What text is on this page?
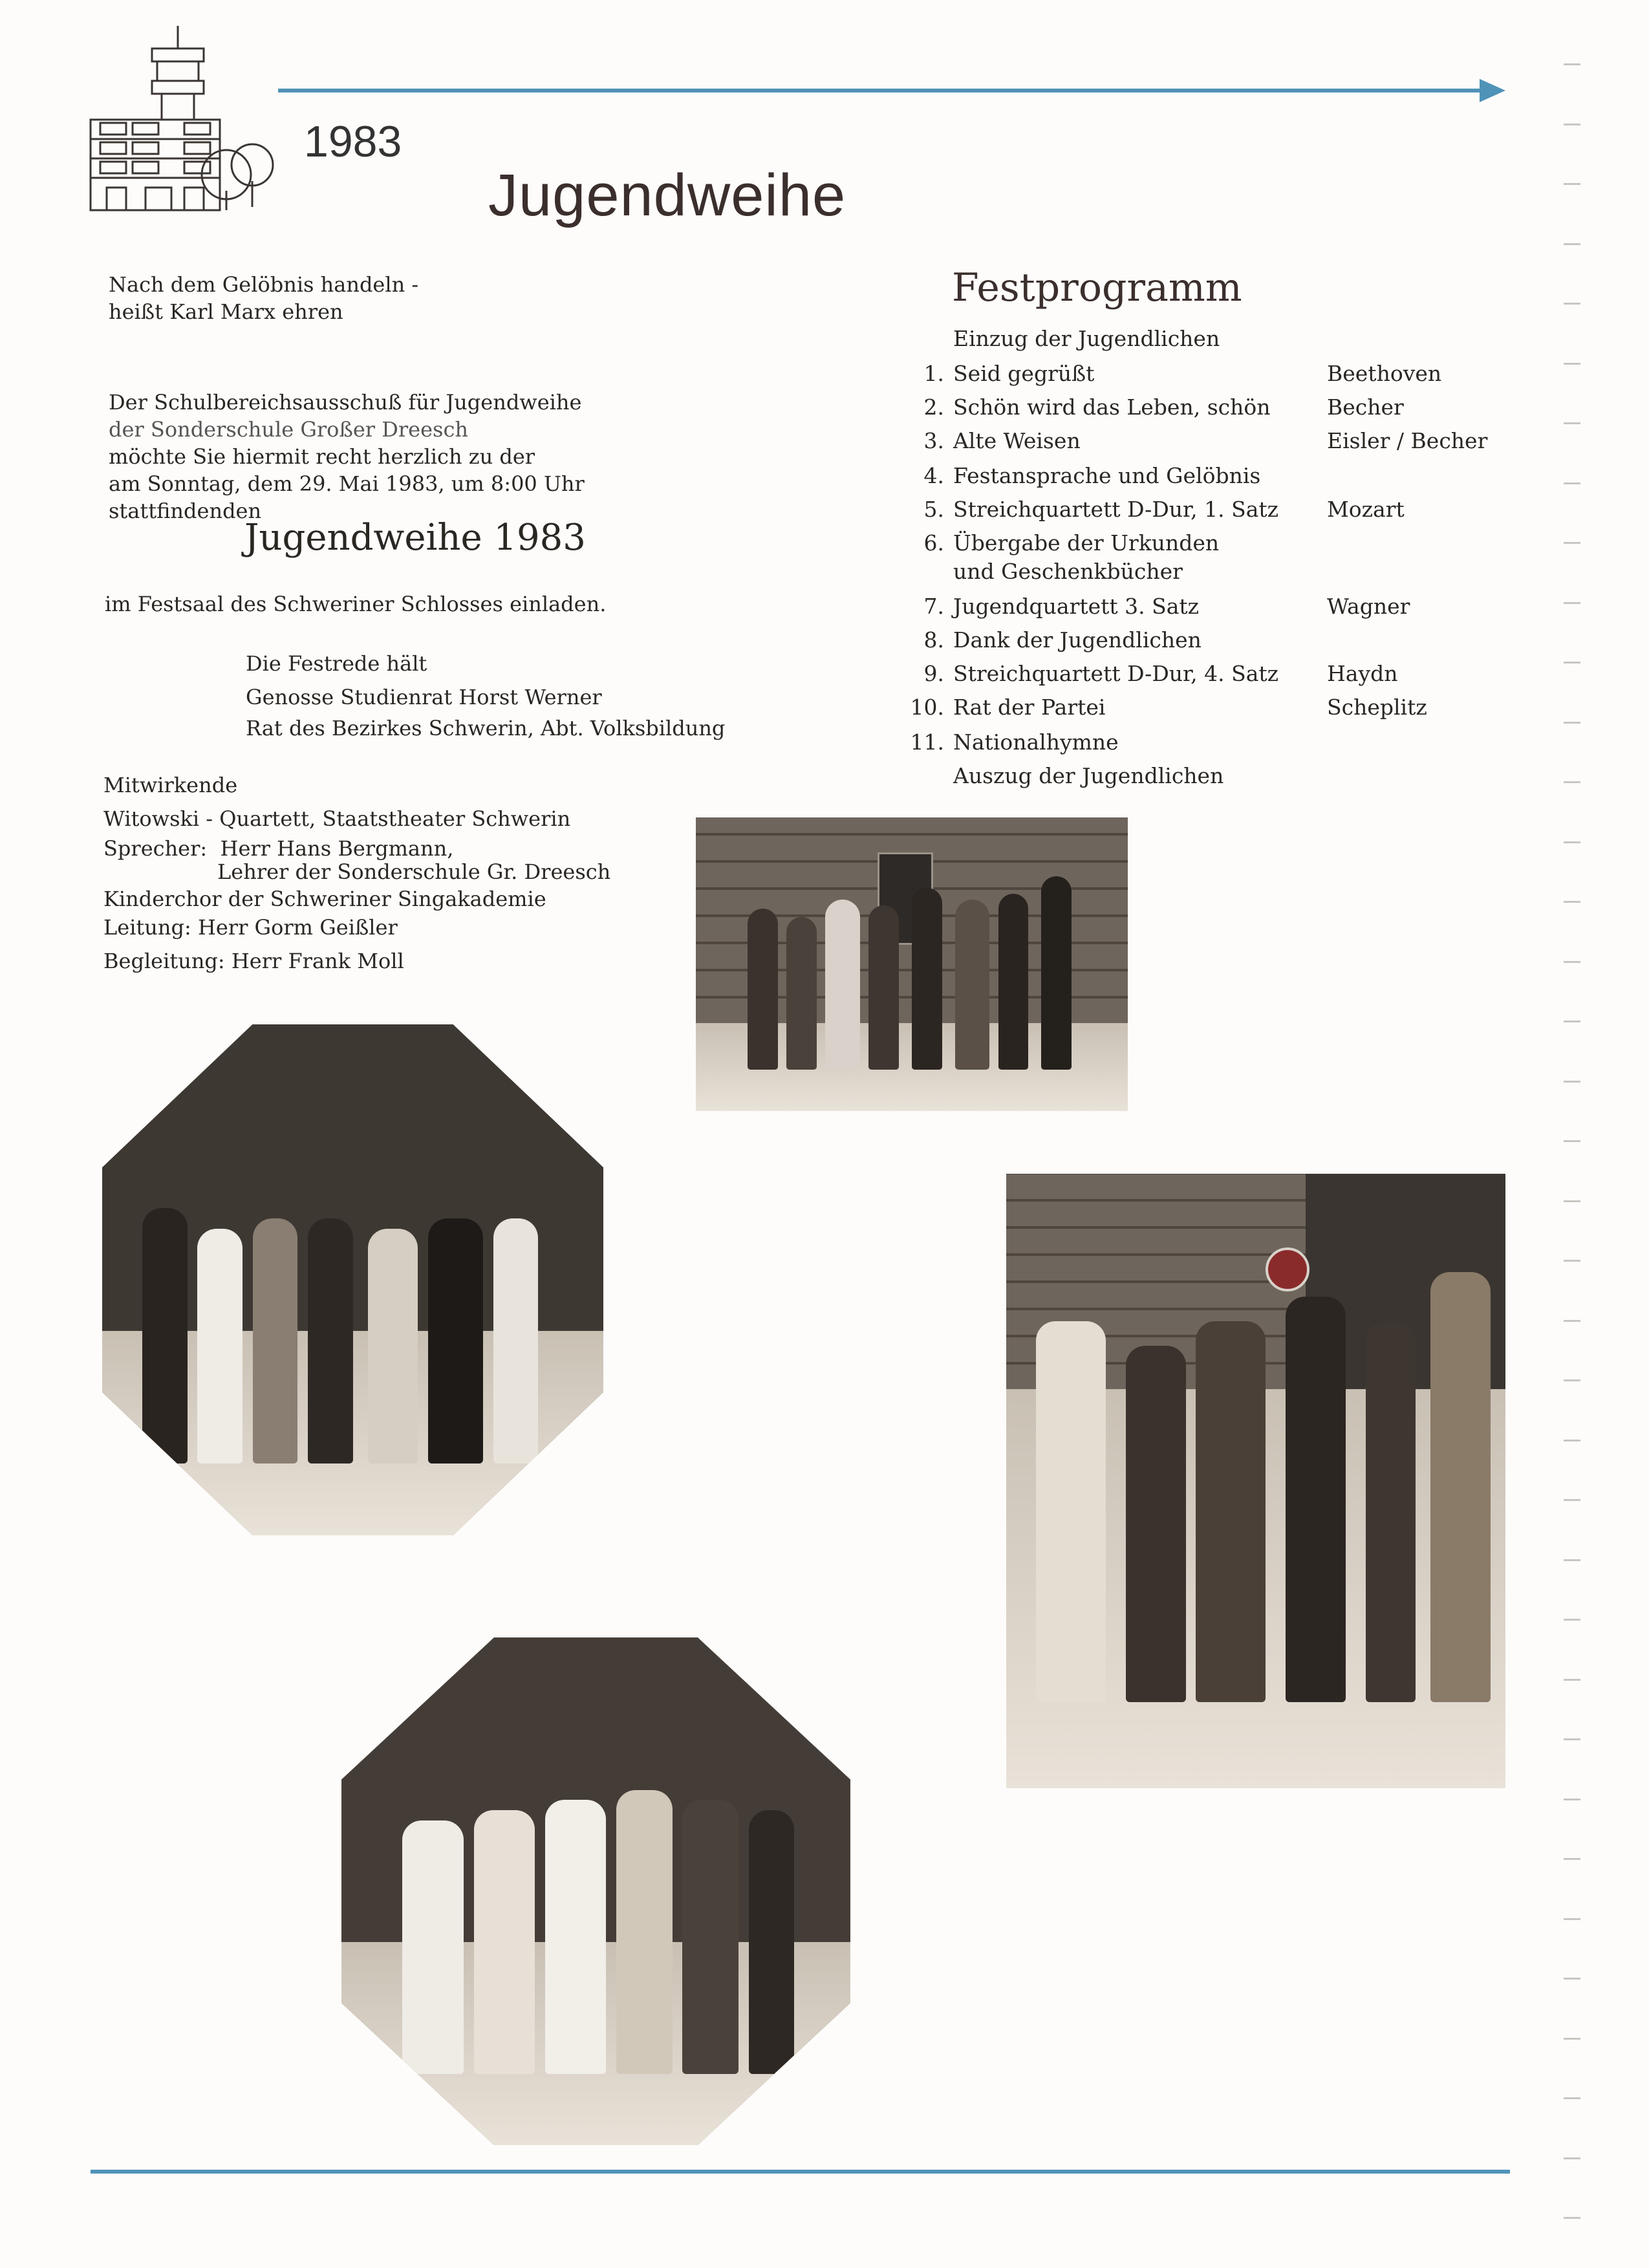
1983
Jugendweihe
Nach dem Gelöbnis handeln -
heißt Karl Marx ehren
Der Schulbereichsausschuß für Jugendweihe
der Sonderschule Großer Dreesch
möchte Sie hiermit recht herzlich zu der
am Sonntag, dem 29. Mai 1983, um 8:00 Uhr
stattfindenden
Jugendweihe 1983
im Festsaal des Schweriner Schlosses einladen.
Die Festrede hält
Genosse Studienrat Horst Werner
Rat des Bezirkes Schwerin, Abt. Volksbildung
Mitwirkende
Witowski - Quartett, Staatstheater Schwerin
Sprecher:  Herr Hans Bergmann,
Lehrer der Sonderschule Gr. Dreesch
Kinderchor der Schweriner Singakademie
Leitung: Herr Gorm Geißler
Begleitung: Herr Frank Moll
Festprogramm
Einzug der Jugendlichen
1. Seid gegrüßt	Beethoven
2. Schön wird das Leben, schön	Becher
3. Alte Weisen	Eisler / Becher
4. Festansprache und Gelöbnis
5. Streichquartett D-Dur, 1. Satz Mozart
6. Übergabe der Urkunden
und Geschenkbücher
7. Jugendquartett 3. Satz	Wagner
8. Dank der Jugendlichen
9. Streichquartett D-Dur, 4. Satz Haydn
10. Rat der Partei	Scheplitz
11. Nationalhymne
Auszug der Jugendlichen
